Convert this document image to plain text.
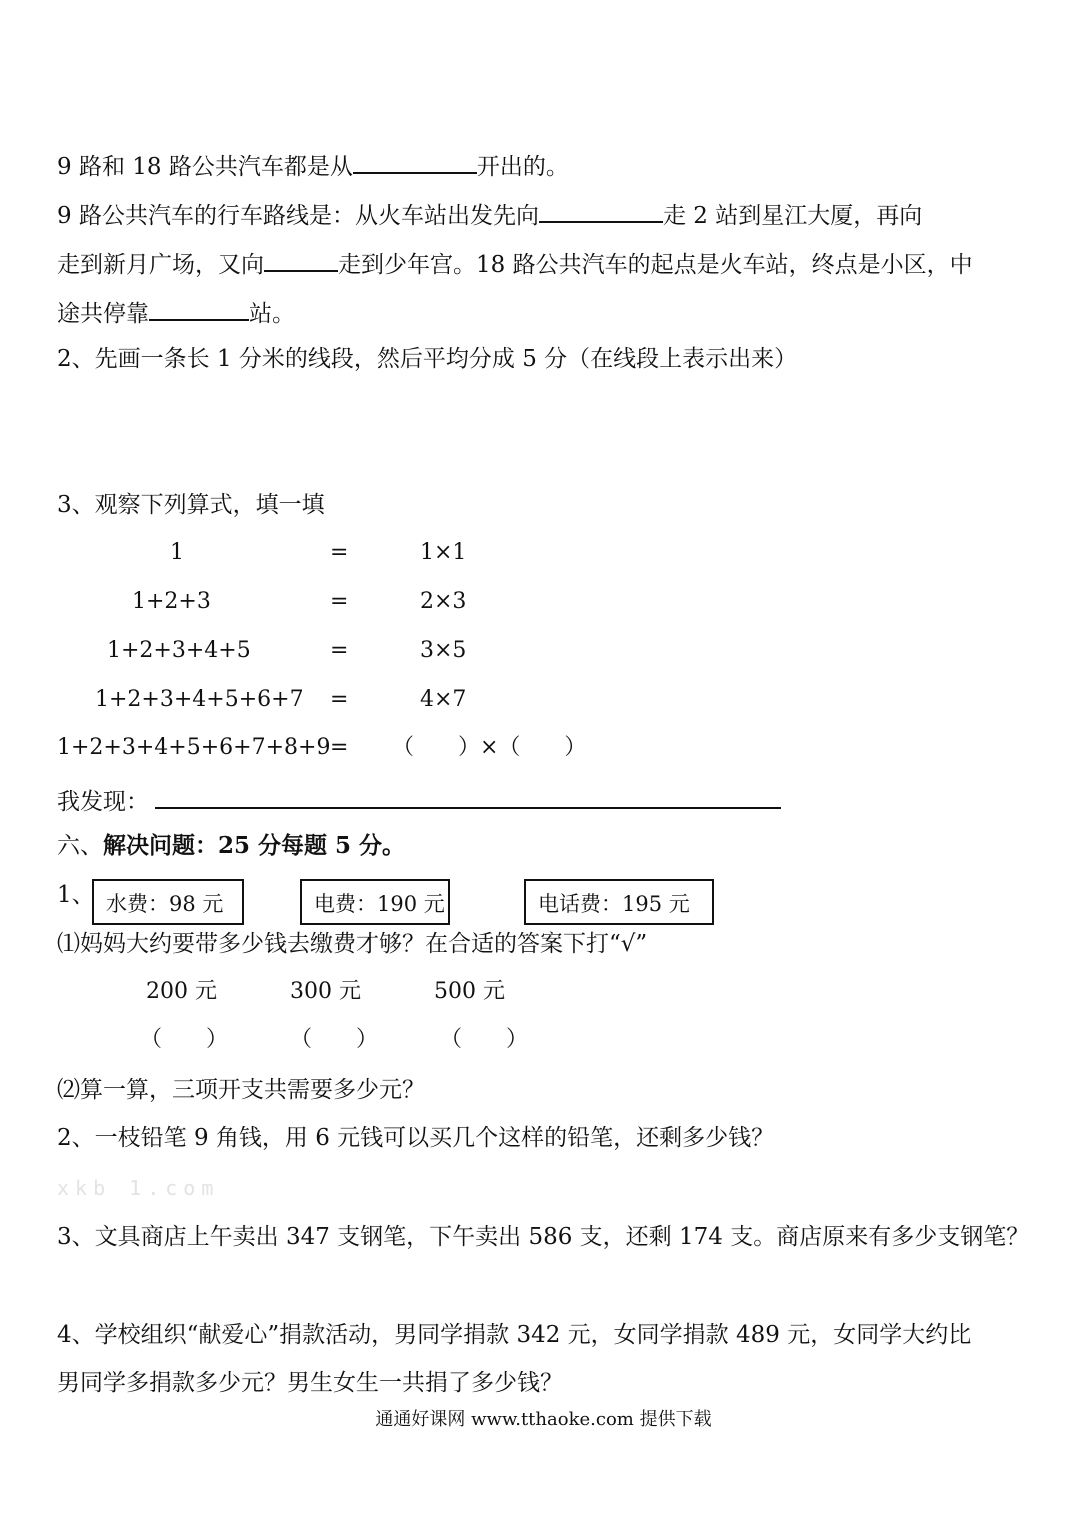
9 路和 18 路公共汽车都是从	开出的。
9 路公共汽车的行车路线是：从火车站出发先向	走 2 站到星江大厦，再向
走到新月广场，又向	走到少年宫。18 路公共汽车的起点是火车站，终点是小区，中
途共停靠	站。
2、先画一条长 1 分米的线段，然后平均分成 5 分（在线段上表示出来）
3、观察下列算式，填一填
1	=	1×1
1+2+3	=	2×3
1+2+3+4+5	=	3×5
1+2+3+4+5+6+7 =	4×7
1+2+3+4+5+6+7+8+9 = （　　）×（　　）
我发现：
六、解决问题：25 分每题 5 分。
1、 水费：98 元	电费：190 元	电话费：195 元
⑴妈妈大约要带多少钱去缴费才够？在合适的答案下打“√”
200 元	300 元	500 元
（　　）	（　　）	（　　）
⑵算一算，三项开支共需要多少元？
2、一枝铅笔 9 角钱，用 6 元钱可以买几个这样的铅笔，还剩多少钱？
xkb 1.com
3、文具商店上午卖出 347 支钢笔，下午卖出 586 支，还剩 174 支。商店原来有多少支钢笔？
4、学校组织“献爱心”捐款活动，男同学捐款 342 元，女同学捐款 489 元，女同学大约比
男同学多捐款多少元？男生女生一共捐了多少钱？
通通好课网 www.tthaoke.com 提供下载
